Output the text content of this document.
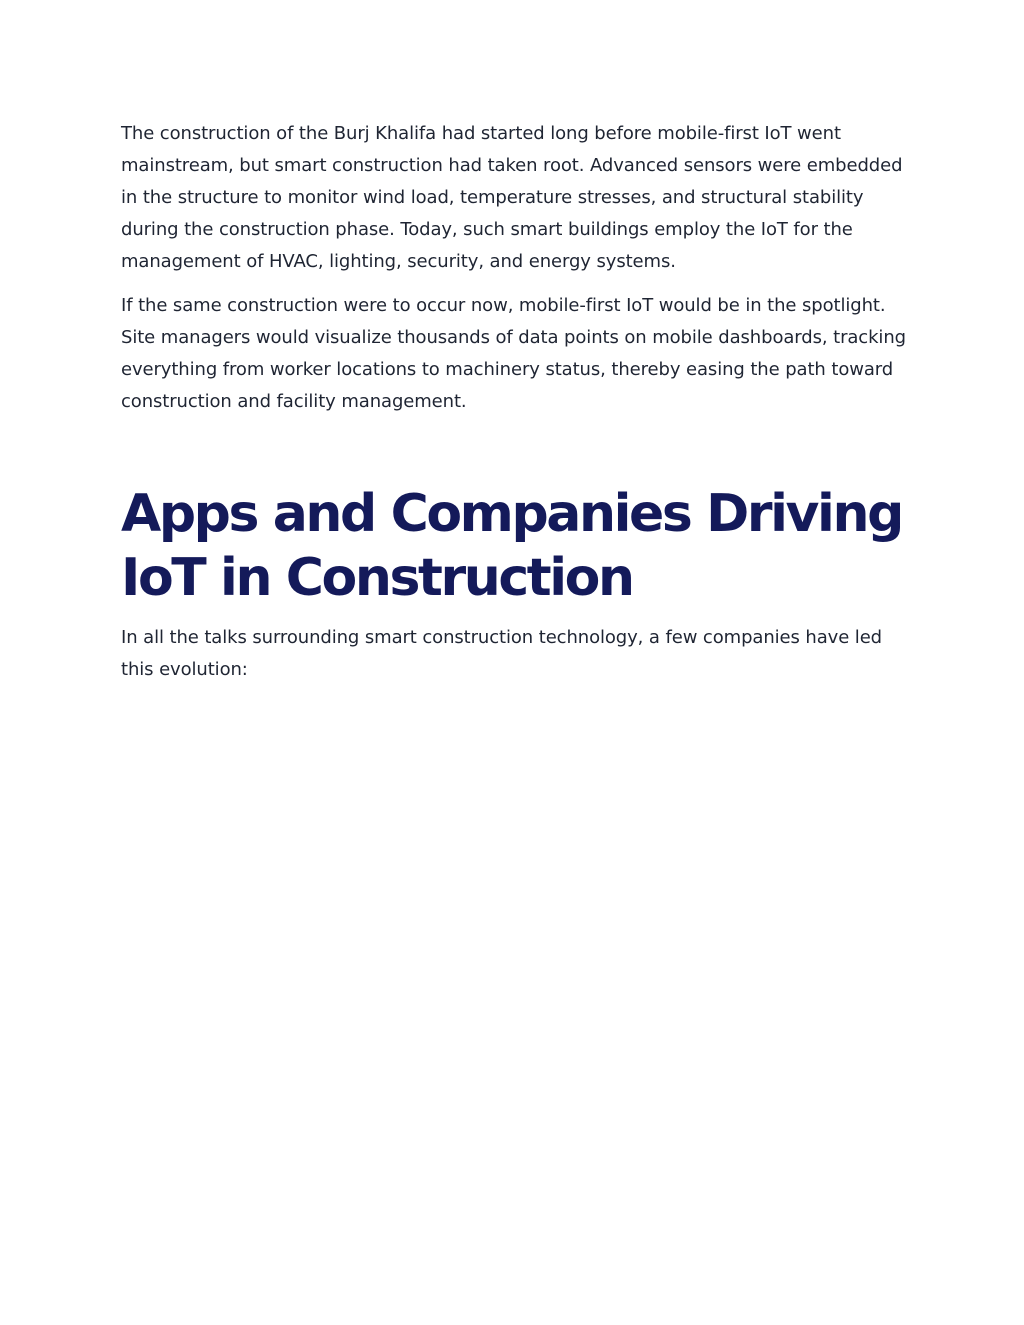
The construction of the Burj Khalifa had started long before mobile-first IoT went mainstream, but smart construction had taken root. Advanced sensors were embedded in the structure to monitor wind load, temperature stresses, and structural stability during the construction phase. Today, such smart buildings employ the IoT for the management of HVAC, lighting, security, and energy systems.

If the same construction were to occur now, mobile-first IoT would be in the spotlight. Site managers would visualize thousands of data points on mobile dashboards, tracking everything from worker locations to machinery status, thereby easing the path toward construction and facility management.

Apps and Companies Driving IoT in Construction

In all the talks surrounding smart construction technology, a few companies have led this evolution:
